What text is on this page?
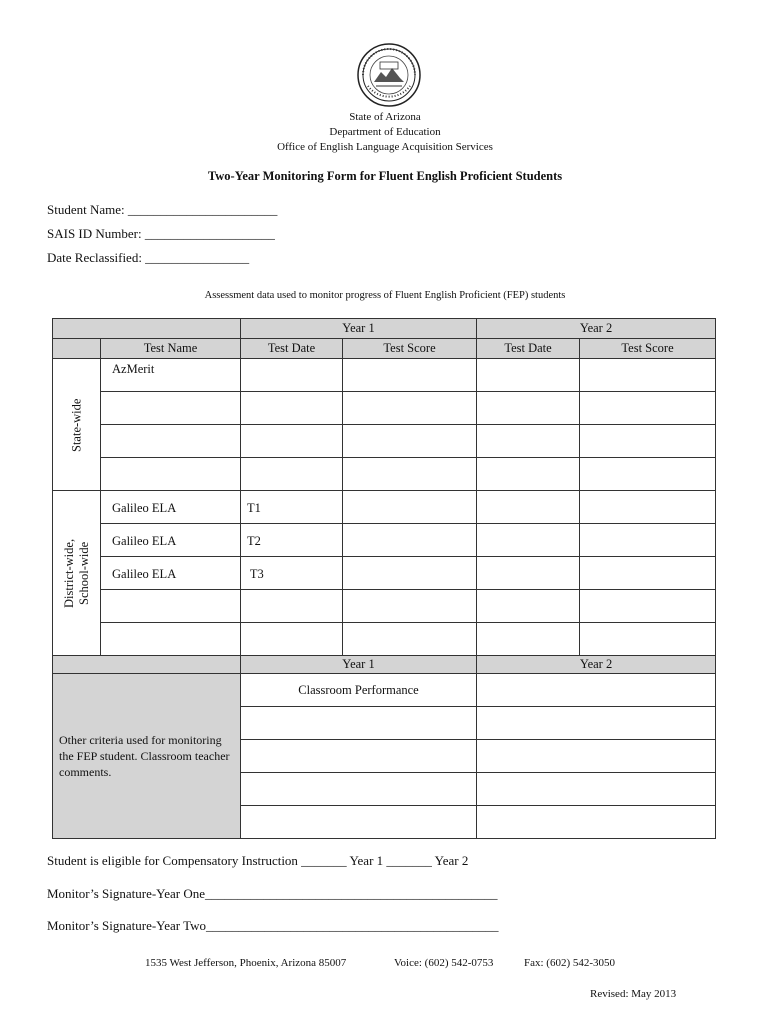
State of Arizona
Department of Education
Office of English Language Acquisition Services
Two-Year Monitoring Form for Fluent English Proficient Students
Student Name: _______________________
SAIS ID Number: ____________________
Date Reclassified: ________________
Assessment data used to monitor progress of Fluent English Proficient (FEP) students
		Year 1		Year 2	
	Test Name	Test Date	Test Score	Test Date	Test Score
State-wide	AzMerit				

District-wide,
School-wide	Galileo ELA	T1			
	Galileo ELA	T2			
	Galileo ELA	T3			

		Year 1		Year 2	
Other criteria used for monitoring the FEP student. Classroom teacher comments.		Classroom Performance			

Student is eligible for Compensatory Instruction _______ Year 1 _______ Year 2
Monitor’s Signature-Year One_____________________________________________
Monitor’s Signature-Year Two_____________________________________________
1535 West Jefferson, Phoenix, Arizona 85007	Voice: (602) 542-0753	Fax: (602) 542-3050
Revised: May 2013
